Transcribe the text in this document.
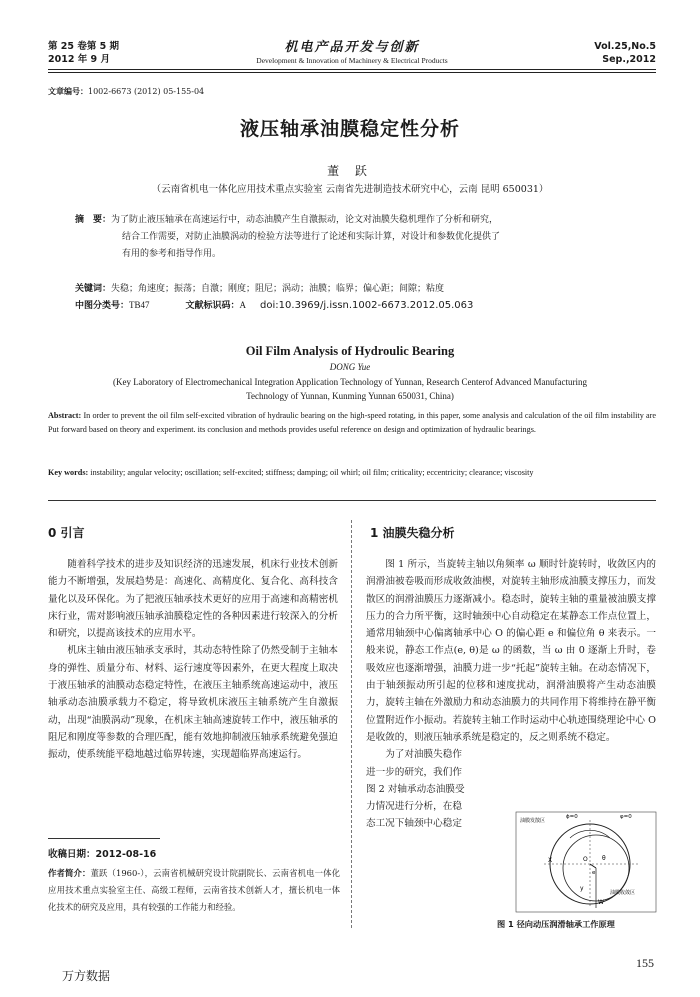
第 25 卷第 5 期
2012 年 9 月
机电产品开发与创新
Development & Innovation of Machinery & Electrical Products
Vol.25,No.5
Sep.,2012
文章编号：1002-6673 (2012) 05-155-04
液压轴承油膜稳定性分析
董 跃
（云南省机电一体化应用技术重点实验室 云南省先进制造技术研究中心，云南 昆明 650031）
摘　要：为了防止液压轴承在高速运行中，动态油膜产生自激振动，论文对油膜失稳机理作了分析和研究，
结合工作需要，对防止油膜涡动的检验方法等进行了论述和实际计算，对设计和参数优化提供了
有用的参考和指导作用。
关键词：失稳；角速度；振荡；自激；刚度；阻尼；涡动；油膜；临界；偏心距；间隙；粘度
中图分类号：TB47	文献标识码：A doi:10.3969/j.issn.1002-6673.2012.05.063
Oil Film Analysis of Hydroulic Bearing
DONG Yue
(Key Laboratory of Electromechanical Integration Application Technology of Yunnan, Research Centerof Advanced Manufacturing
Technology of Yunnan, Kunming Yunnan 650031, China)
Abstract: In order to prevent the oil film self-excited vibration of hydraulic bearing on the high-speed rotating, in this paper, some analysis and calculation of the oil film instability are Put forward based on theory and experiment. its conclusion and methods provides useful reference on design and optimization of hydraulic bearings.
Key words: instability; angular velocity; oscillation; self-excited; stiffness; damping; oil whirl; oil film; criticality; eccentricity; clearance; viscosity
0 引言	1 油膜失稳分析

随着科学技术的进步及知识经济的迅速发展，机床行业技术创新能力不断增强，发展趋势是：高速化、高精度化、复合化、高科技含量化以及环保化。为了把液压轴承技术更好的应用于高速和高精密机床行业，需对影响液压轴承油膜稳定性的各种因素进行较深入的分析和研究，以提高该技术的应用水平。

机床主轴由液压轴承支承时，其动态特性除了仍然受制于主轴本身的弹性、质量分布、材料、运行速度等因素外，在更大程度上取决于液压轴承的油膜动态稳定特性，在液压主轴系统高速运动中，液压轴承动态油膜承载力不稳定，将导致机床液压主轴系统产生自激振动，出现“油膜涡动”现象，在机床主轴高速旋转工作中，液压轴承的阻尼和刚度等参数的合理匹配，能有效地抑制液压轴承系统避免强迫振动，使系统能平稳地越过临界转速，实现超临界高速运行。

图 1 所示，当旋转主轴以角频率 ω 顺时针旋转时，收敛区内的润滑油被卷吸而形成收敛油楔，对旋转主轴形成油膜支撑压力，而发散区的润滑油膜压力逐渐减小。稳态时，旋转主轴的重量被油膜支撑压力的合力所平衡，这时轴颈中心自动稳定在某静态工作点位置上，通常用轴颈中心偏离轴承中心 O 的偏心距 e 和偏位角 θ 来表示。一般来说，静态工作点(e, θ)是 ω 的函数，当 ω 由 0 逐渐上升时，卷吸效应也逐渐增强，油膜力进一步“托起”旋转主轴。在动态情况下，由于轴颈振动所引起的位移和速度扰动，润滑油膜将产生动态油膜力，旋转主轴在外激励力和动态油膜力的共同作用下将维持在静平衡位置附近作小振动。若旋转主轴工作时运动中心轨迹围绕理论中心 O 是收敛的，则液压轴承系统是稳定的，反之则系统不稳定。

为了对油膜失稳作
进一步的研究，我们作
图 2 对轴承动态油膜受
力情况进行分析，在稳
态工况下轴颈中心稳定	油膜发散区
油膜收敛区
ϕ=0	φ=0
X
y
W
O θ
e
图 1 径向动压润滑轴承工作原理
收稿日期：2012-08-16
作者简介：董跃（1960-），云南省机械研究设计院副院长、云南省机电一体化应用技术重点实验室主任、高级工程师，云南省技术创新人才，擅长机电一体化技术的研究及应用，具有较强的工作能力和经验。
155
万方数据
